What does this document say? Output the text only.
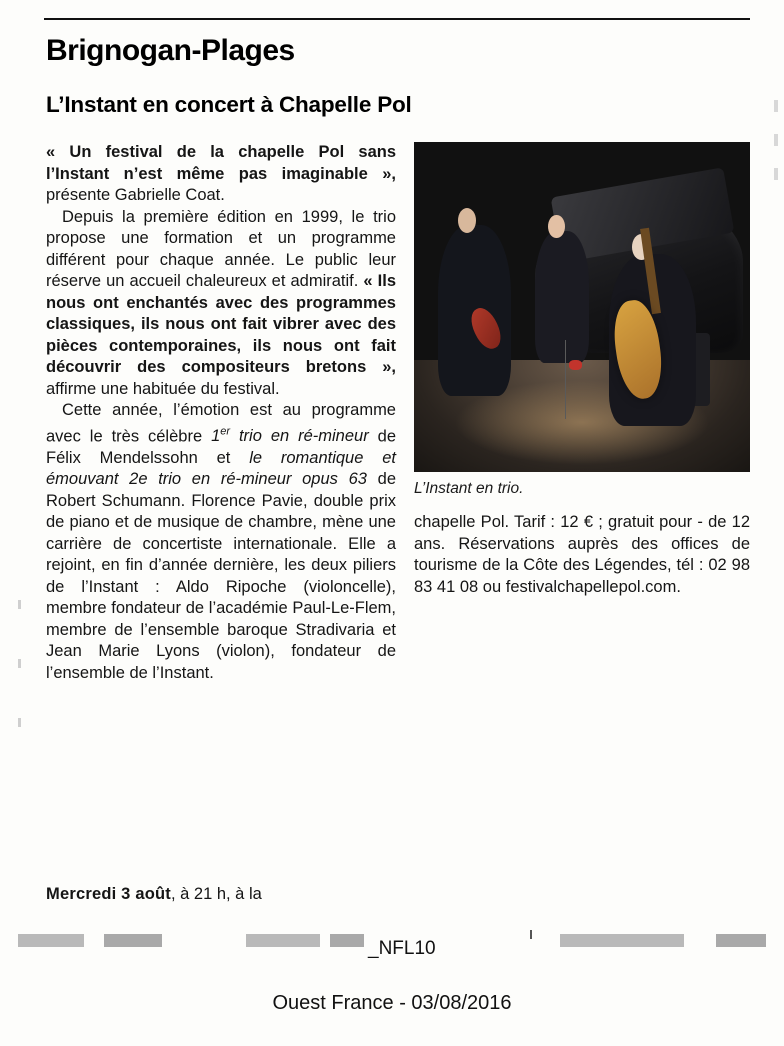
Brignogan-Plages
L’Instant en concert à Chapelle Pol

« Un festival de la chapelle Pol sans l’Instant n’est même pas imaginable », présente Gabrielle Coat.

Depuis la première édition en 1999, le trio propose une formation et un programme différent pour chaque année. Le public leur réserve un accueil chaleureux et admiratif. « Ils nous ont enchantés avec des programmes classiques, ils nous ont fait vibrer avec des pièces contemporaines, ils nous ont fait découvrir des compositeurs bretons », affirme une habituée du festival.

Cette année, l’émotion est au programme avec le très célèbre 1er trio en ré-mineur de Félix Mendelssohn et le romantique et émouvant 2e trio en ré-mineur opus 63 de Robert Schumann. Florence Pavie, double prix de piano et de musique de chambre, mène une carrière de concertiste internationale. Elle a rejoint, en fin d’année dernière, les deux piliers de l’Instant : Aldo Ripoche (violoncelle), membre fondateur de l’académie Paul-Le-Flem, membre de l’ensemble baroque Stradivaria et Jean Marie Lyons (violon), fondateur de l’ensemble de l’Instant.

L’Instant en trio.

chapelle Pol. Tarif : 12 € ; gratuit pour - de 12 ans. Réservations auprès des offices de tourisme de la Côte des Légendes, tél : 02 98 83 41 08 ou festivalchapellepol.com.

Mercredi 3 août, à 21 h, à la
_NFL10
Ouest France - 03/08/2016
